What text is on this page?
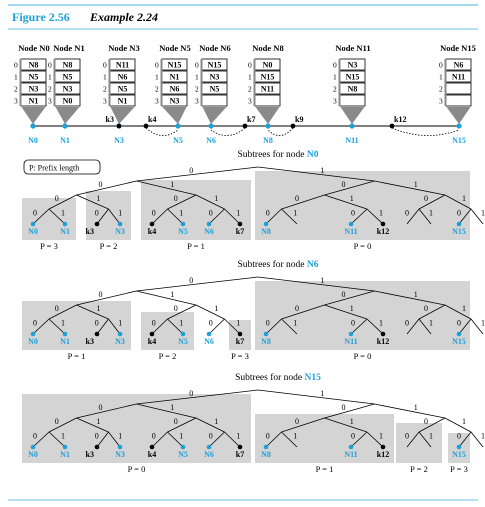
Figure 2.56 Example 2.24
Node N0
0 N8
1 N5
2 N3
3 N1
N0
Node N1
0 N8
1 N5
2 N3
3 N0
N1
Node N3
0 N11
1 N6
2 N5
3 N1
N3
Node N5
0 N15
1 N1
2 N6
3 N3
N5
Node N6
0 N15
1 N3
2 N5
3
N6
Node N8
0 N0
1 N15
2 N11
3
N8
Node N11
0 N3
1 N15
2 N8
3
N11
Node N15
0 N6
1 N11
2
3
N15
k3	k4	k7	k9	k12
P: Prefix length
Subtrees for node N0
0	1	0 1
0	1
0	1	0	1
0	1
0	1
0	1	0	1
0	1
0	1	0	1
0	1
0	1
0	1
N0	N1 k3	N3	k4	N5 N6	k7 N8	N11 k12	N15
P = 3	P = 2	P = 1	P = 0
Subtrees for node N6
0	1	0 1
0	1
0	1	0	1
0	1
0	1
0	1	0	1
0	1
0	1	0	1
0	1
0	1
0	1
N0	N1 k3	N3	k4	N5 N6	k7 N8	N11 k12	N15
P = 1	P = 2	P = 3	P = 0
Subtrees for node N15
0	1	0 1
0	1
0	1	0	1
0	1
0	1
0	1	0	1
0	1
0	1	0	1
0	1
0	1
0	1
N0	N1 k3	N3	k4	N5 N6	k7 N8	N11 k12	N15
P = 0	P = 1	P = 2	P = 3
